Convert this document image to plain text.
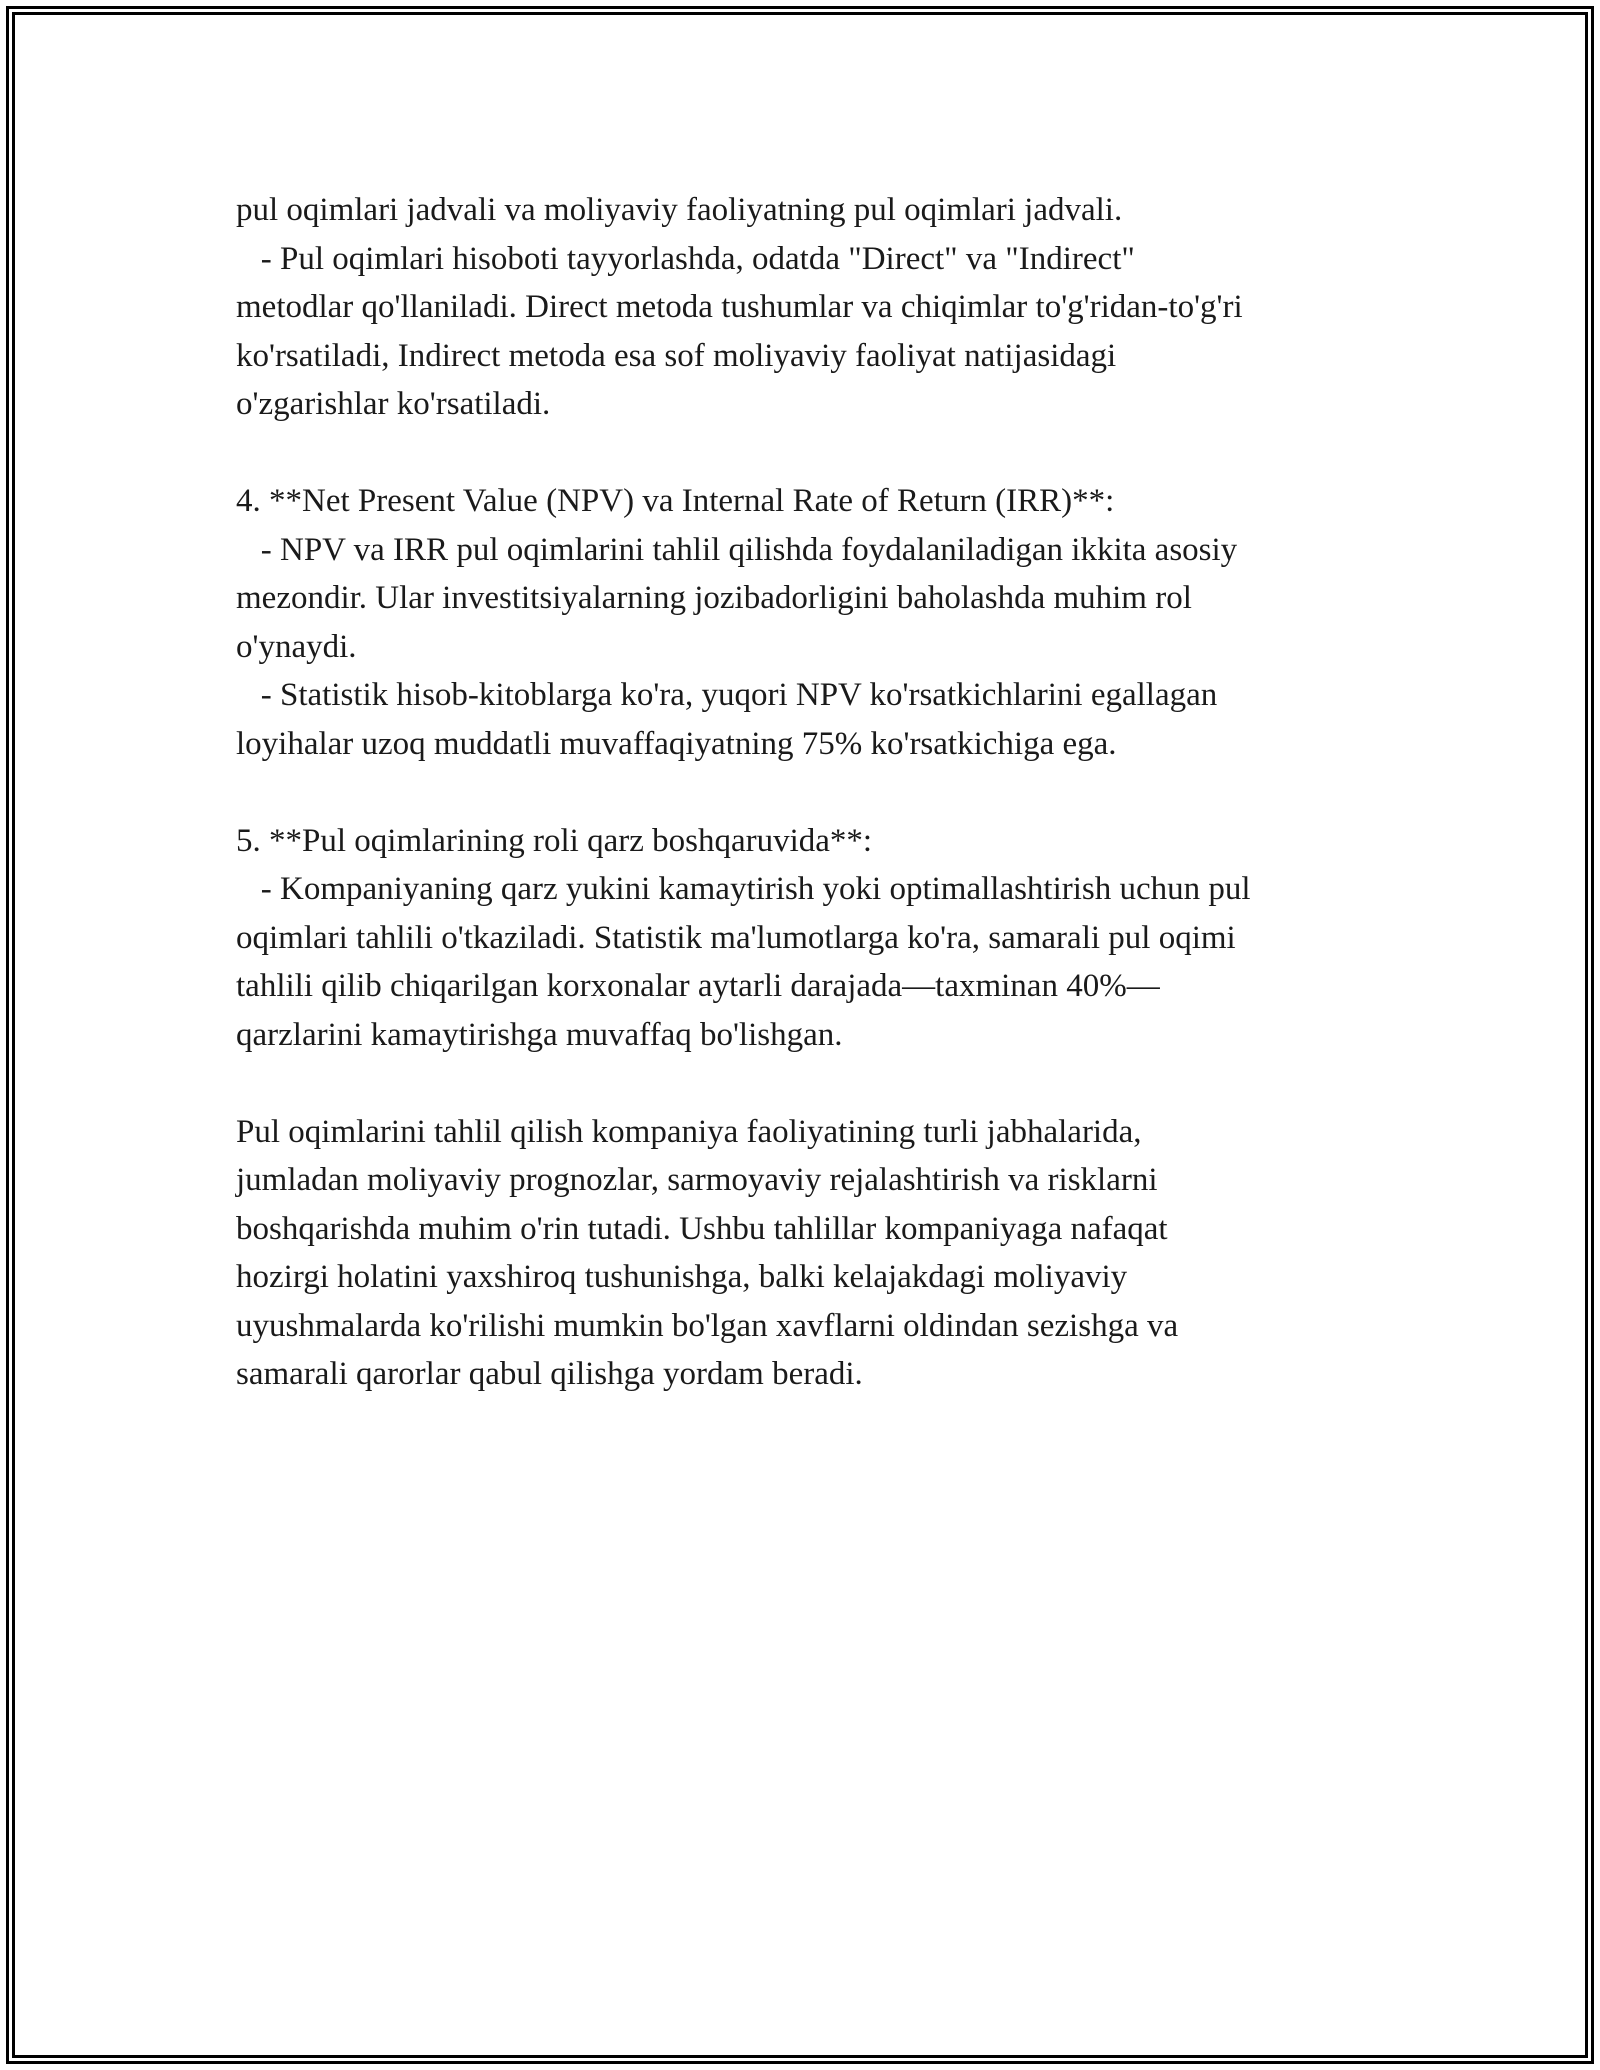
pul oqimlari jadvali va moliyaviy faoliyatning pul oqimlari jadvali.
- Pul oqimlari hisoboti tayyorlashda, odatda "Direct" va "Indirect"
metodlar qo'llaniladi. Direct metoda tushumlar va chiqimlar to'g'ridan-to'g'ri
ko'rsatiladi, Indirect metoda esa sof moliyaviy faoliyat natijasidagi
o'zgarishlar ko'rsatiladi.
4. **Net Present Value (NPV) va Internal Rate of Return (IRR)**:
- NPV va IRR pul oqimlarini tahlil qilishda foydalaniladigan ikkita asosiy
mezondir. Ular investitsiyalarning jozibadorligini baholashda muhim rol
o'ynaydi.
- Statistik hisob-kitoblarga ko'ra, yuqori NPV ko'rsatkichlarini egallagan
loyihalar uzoq muddatli muvaffaqiyatning 75% ko'rsatkichiga ega.
5. **Pul oqimlarining roli qarz boshqaruvida**:
- Kompaniyaning qarz yukini kamaytirish yoki optimallashtirish uchun pul
oqimlari tahlili o'tkaziladi. Statistik ma'lumotlarga ko'ra, samarali pul oqimi
tahlili qilib chiqarilgan korxonalar aytarli darajada—taxminan 40%—
qarzlarini kamaytirishga muvaffaq bo'lishgan.
Pul oqimlarini tahlil qilish kompaniya faoliyatining turli jabhalarida,
jumladan moliyaviy prognozlar, sarmoyaviy rejalashtirish va risklarni
boshqarishda muhim o'rin tutadi. Ushbu tahlillar kompaniyaga nafaqat
hozirgi holatini yaxshiroq tushunishga, balki kelajakdagi moliyaviy
uyushmalarda ko'rilishi mumkin bo'lgan xavflarni oldindan sezishga va
samarali qarorlar qabul qilishga yordam beradi.
